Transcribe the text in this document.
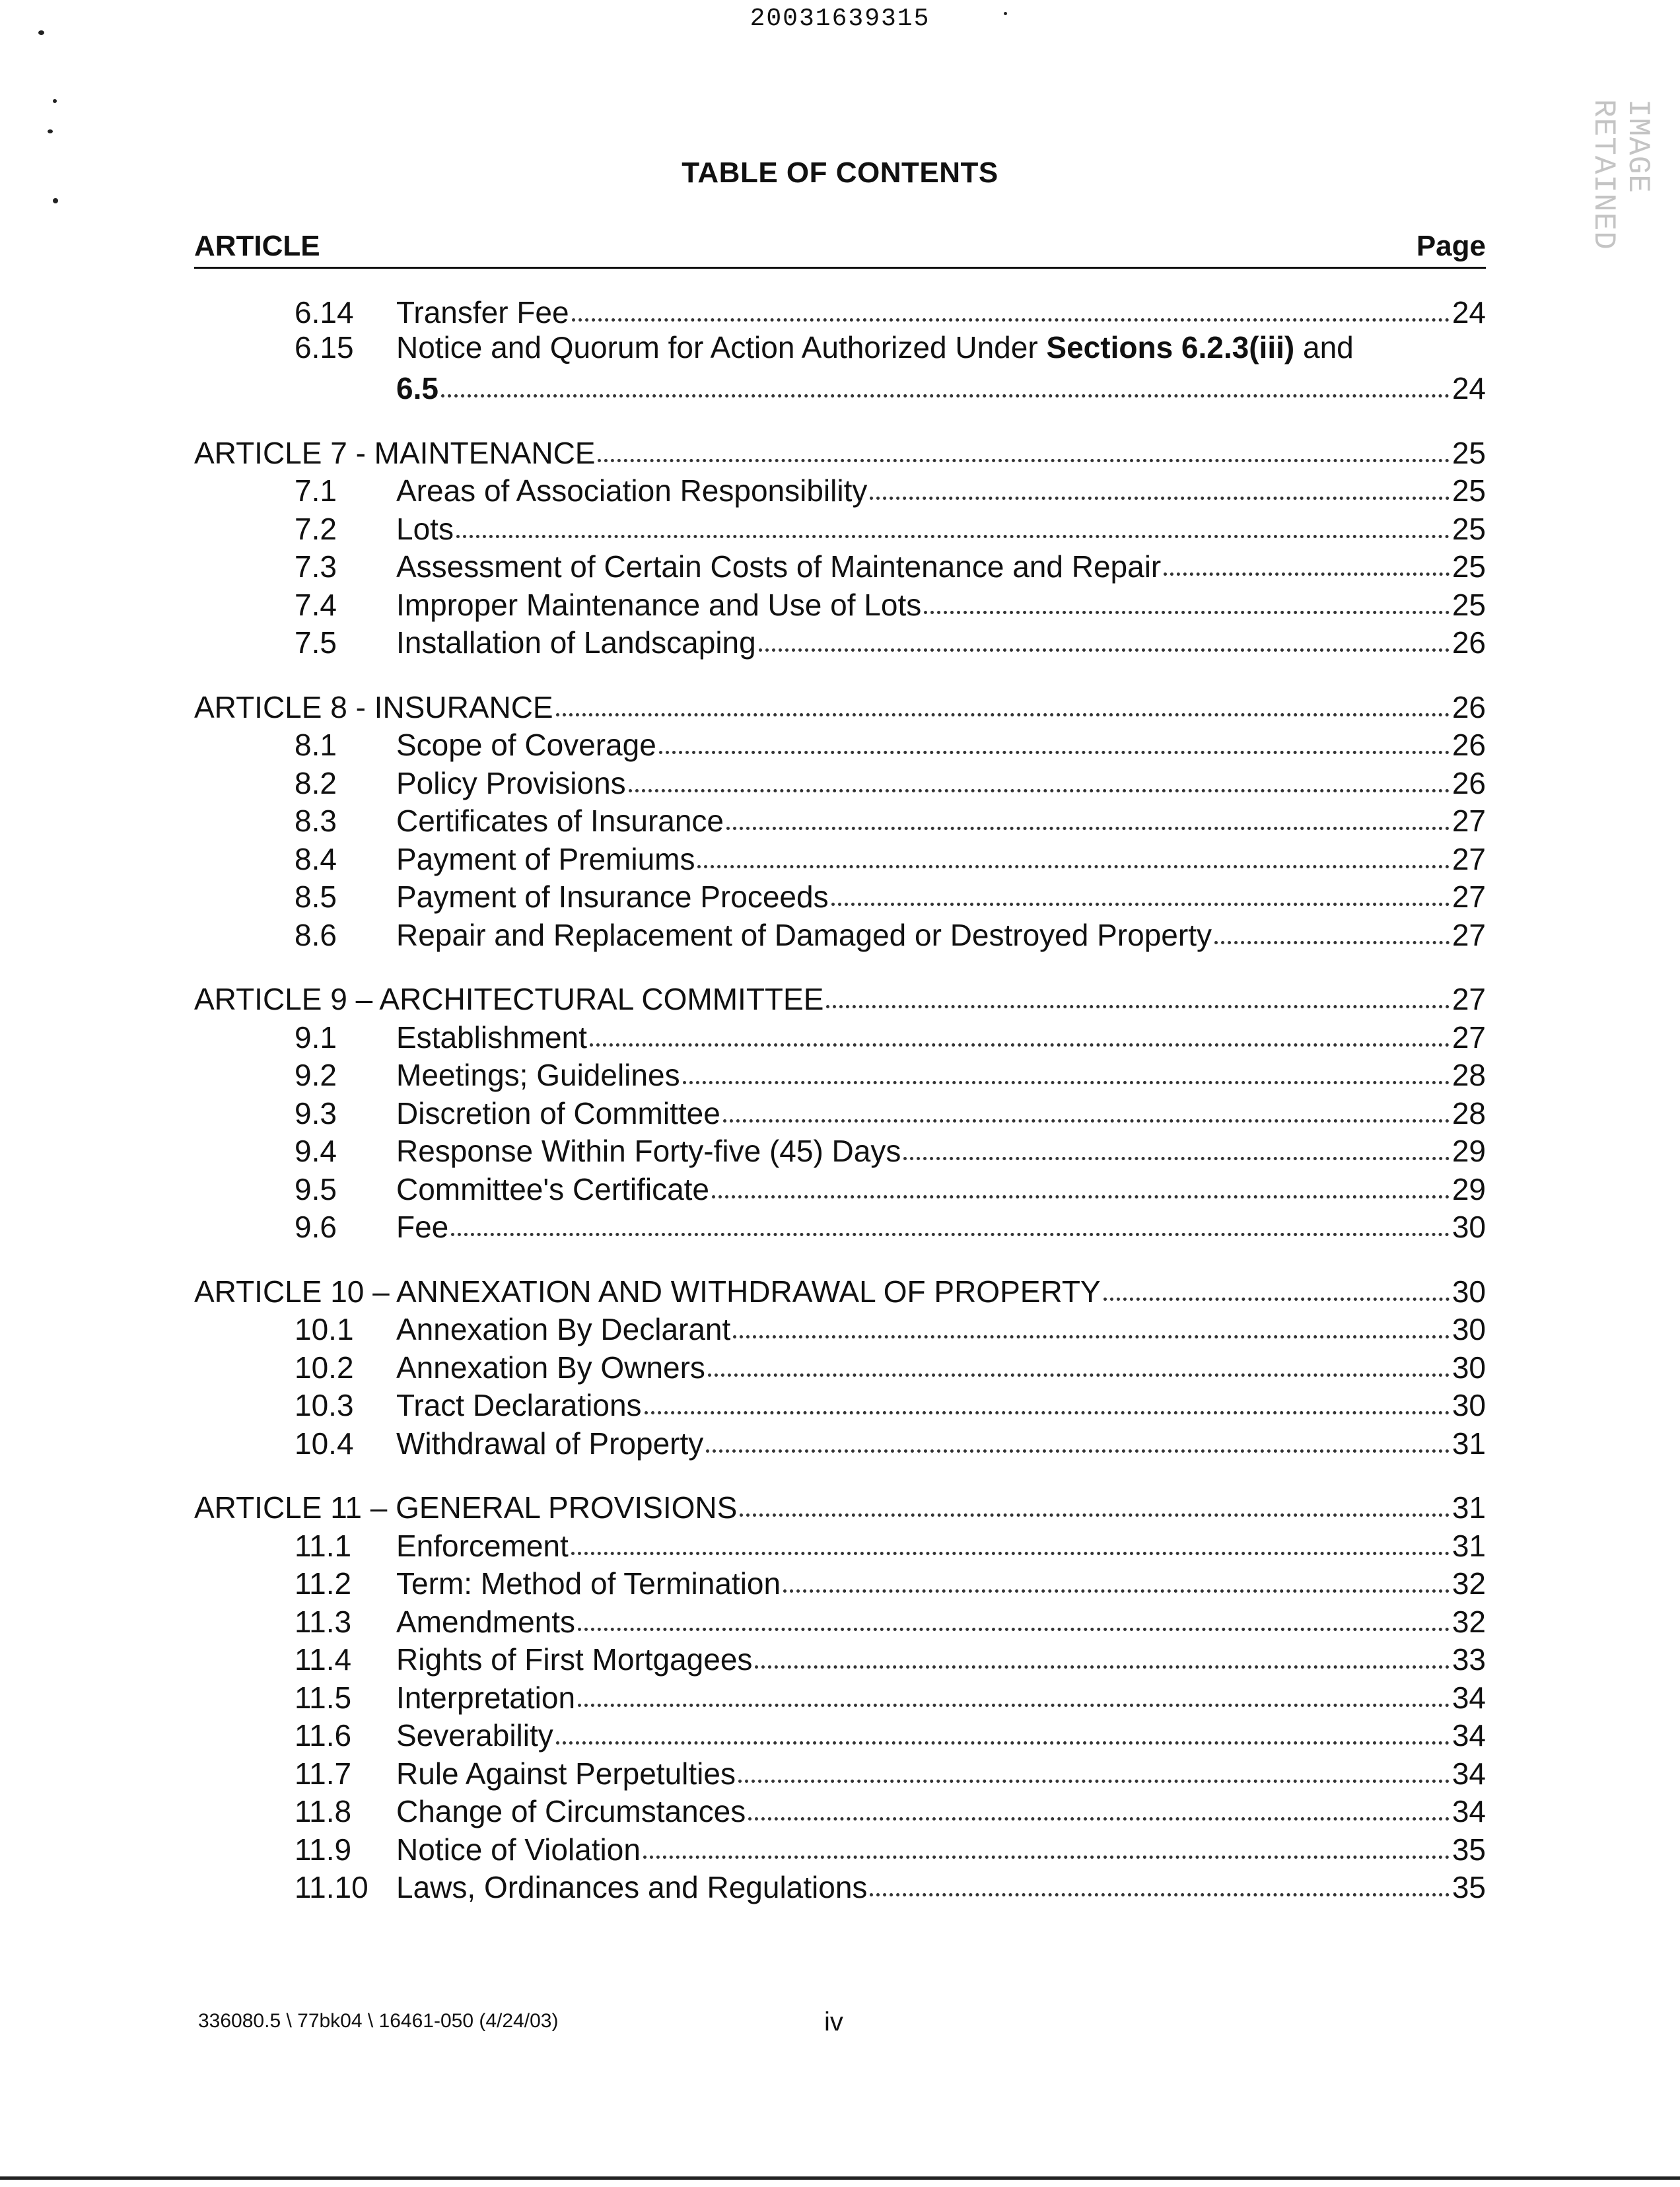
20031639315
IMAGE RETAINED
TABLE OF CONTENTS
ARTICLE	Page
6.14 Transfer Fee	24
6.15 Notice and Quorum for Action Authorized Under Sections 6.2.3(iii) and
6.5	24
ARTICLE 7 - MAINTENANCE	25
7.1	Areas of Association Responsibility	25
7.2	Lots	25
7.3	Assessment of Certain Costs of Maintenance and Repair	25
7.4	Improper Maintenance and Use of Lots	25
7.5	Installation of Landscaping	26
ARTICLE 8 - INSURANCE	26
8.1	Scope of Coverage	26
8.2	Policy Provisions	26
8.3	Certificates of Insurance	27
8.4	Payment of Premiums	27
8.5	Payment of Insurance Proceeds	27
8.6	Repair and Replacement of Damaged or Destroyed Property	27
ARTICLE 9 – ARCHITECTURAL COMMITTEE	27
9.1	Establishment	27
9.2	Meetings; Guidelines	28
9.3	Discretion of Committee	28
9.4	Response Within Forty-five (45) Days	29
9.5	Committee's Certificate	29
9.6	Fee	30
ARTICLE 10 – ANNEXATION AND WITHDRAWAL OF PROPERTY	30
10.1 Annexation By Declarant	30
10.2 Annexation By Owners	30
10.3 Tract Declarations	30
10.4 Withdrawal of Property	31
ARTICLE 11 – GENERAL PROVISIONS	31
11.1 Enforcement	31
11.2 Term: Method of Termination	32
11.3 Amendments	32
11.4 Rights of First Mortgagees	33
11.5 Interpretation	34
11.6 Severability	34
11.7 Rule Against Perpetulties	34
11.8 Change of Circumstances	34
11.9 Notice of Violation	35
11.10 Laws, Ordinances and Regulations	35
336080.5 \ 77bk04 \ 16461-050 (4/24/03)	iv
